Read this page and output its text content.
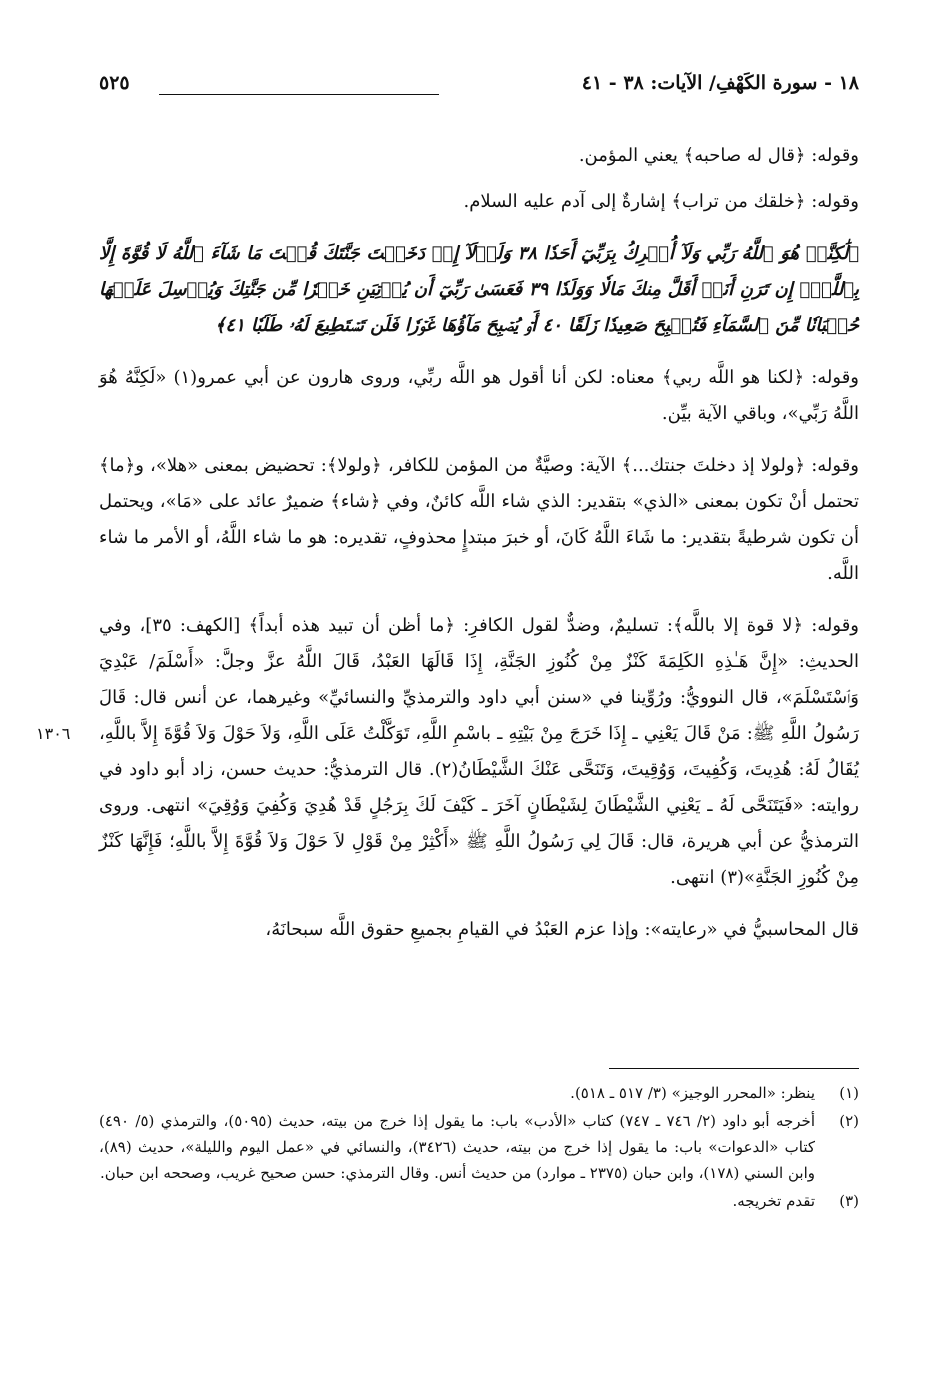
١٨ - سورة الكَهْفِ/ الآيات: ٣٨ - ٤١
٥٢٥
١٣٠٦

وقوله: ﴿قال له صاحبه﴾ يعني المؤمن.

وقوله: ﴿خلقك من تراب﴾ إشارةٌ إلى آدم عليه السلام.

﴿لَٰكِنَّا۠ هُوَ ٱللَّهُ رَبِّي وَلَآ أُشۡرِكُ بِرَبِّيٓ أَحَدٗا ٣٨ وَلَوۡلَآ إِذۡ دَخَلۡتَ جَنَّتَكَ قُلۡتَ مَا شَآءَ ٱللَّهُ لَا قُوَّةَ إِلَّا بِٱللَّهِۚ إِن تَرَنِ أَنَا۠ أَقَلَّ مِنكَ مَالٗا وَوَلَدٗا ٣٩ فَعَسَىٰ رَبِّيٓ أَن يُؤۡتِيَنِ خَيۡرٗا مِّن جَنَّتِكَ وَيُرۡسِلَ عَلَيۡهَا حُسۡبَانٗا مِّنَ ٱلسَّمَآءِ فَتُصۡبِحَ صَعِيدٗا زَلَقًا ٤٠ أَوۡ يُصۡبِحَ مَآؤُهَا غَوۡرٗا فَلَن تَسۡتَطِيعَ لَهُۥ طَلَبٗا ٤١﴾

وقوله: ﴿لكنا هو اللَّه ربي﴾ معناه: لكن أنا أقول هو اللَّه ربِّي، وروى هارون عن أبي عمرو(١) «لَكِنَّهُ هُوَ اللَّهُ رَبِّي»، وباقي الآية بيِّن.

وقوله: ﴿ولولا إذ دخلتَ جنتك...﴾ الآية: وصيَّةٌ من المؤمن للكافر، ﴿ولولا﴾: تحضيض بمعنى «هلا»، و﴿ما﴾ تحتمل أنْ تكون بمعنى «الذي» بتقدير: الذي شاء اللَّه كائنٌ، وفي ﴿شاء﴾ ضميرٌ عائد على «مَا»، ويحتمل أن تكون شرطيةً بتقدير: ما شَاءَ اللَّهُ كَانَ، أو خبرَ مبتدإٍ محذوفٍ، تقديره: هو ما شاء اللَّهُ، أو الأمر ما شاء اللَّه.

وقوله: ﴿لا قوة إلا باللَّه﴾: تسليمٌ، وضدٌّ لقول الكافرِ: ﴿ما أظن أن تبيد هذه أبداً﴾ [الكهف: ٣٥]، وفي الحديثِ: «إِنَّ هَـٰذِهِ الكَلِمَةَ كَنْزٌ مِنْ كُنُوزِ الجَنَّةِ، إِذَا قَالَهَا العَبْدُ، قَالَ اللَّهُ عزَّ وجلَّ: «أَسْلَمَ/ عَبْدِيَ وَٱسْتَسْلَمَ»، قال النوويُّ: ورُوِّينا في «سنن أبي داود والترمذيِّ والنسائيِّ» وغيرهما، عن أنس قال: قَالَ رَسُولُ اللَّهِ ﷺ: مَنْ قَالَ يَعْنِي ـ إِذَا خَرَجَ مِنْ بَيْتِهِ ـ باسْمِ اللَّهِ، تَوَكَّلْتُ عَلَى اللَّهِ، وَلاَ حَوْلَ وَلاَ قُوَّةَ إِلاَّ باللَّهِ، يُقَالُ لَهُ: هُدِيتَ، وَكُفِيتَ، وَوُقِيتَ، وَتَنَحَّى عَنْكَ الشَّيْطَانُ(٢). قال الترمذيُّ: حديث حسن، زاد أبو داود في روايته: «فَيَتَنَحَّى لَهُ ـ يَعْنِي الشَّيْطَانَ لِشَيْطَانٍ آخَرَ ـ كَيْفَ لَكَ بِرَجُلٍ قَدْ هُدِيَ وَكُفِيَ وَوُقِيَ» انتهى. وروى الترمذيُّ عن أبي هريرة، قال: قَالَ لِي رَسُولُ اللَّهِ ﷺ «أَكْثِرْ مِنْ قَوْلِ لاَ حَوْلَ وَلاَ قُوَّةَ إِلاَّ باللَّهِ؛ فَإِنَّهَا كَنْزٌ مِنْ كُنُوزِ الجَنَّةِ»(٣) انتهى.

قال المحاسبيُّ في «رعايته»: وإذا عزم العَبْدُ في القيامِ بجميعِ حقوق اللَّه سبحانَهُ،

(١)
ينظر: «المحرر الوجيز» (٣/ ٥١٧ ـ ٥١٨).
(٢)
أخرجه أبو داود (٢/ ٧٤٦ ـ ٧٤٧) كتاب «الأدب» باب: ما يقول إذا خرج من بيته، حديث (٥٠٩٥)، والترمذي (٥/ ٤٩٠) كتاب «الدعوات» باب: ما يقول إذا خرج من بيته، حديث (٣٤٢٦)، والنسائي في «عمل اليوم والليلة»، حديث (٨٩)، وابن السني (١٧٨)، وابن حبان (٢٣٧٥ ـ موارد) من حديث أنس. وقال الترمذي: حسن صحيح غريب، وصححه ابن حبان.
(٣)
تقدم تخريجه.
